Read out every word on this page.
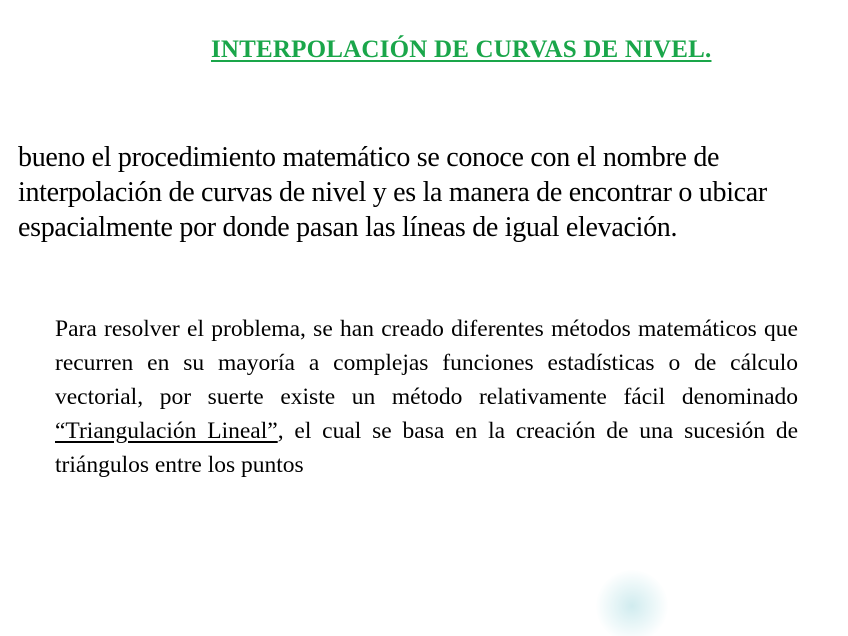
INTERPOLACIÓN DE CURVAS DE NIVEL.
bueno el procedimiento matemático se conoce con el nombre de interpolación de curvas de nivel y es la manera de encontrar o ubicar espacialmente por donde pasan las líneas de igual elevación.
Para resolver el problema, se han creado diferentes métodos matemáticos que recurren en su mayoría a complejas funciones estadísticas o de cálculo vectorial, por suerte existe un método relativamente fácil denominado “Triangulación Lineal”, el cual se basa en la creación de una sucesión de triángulos entre los puntos
